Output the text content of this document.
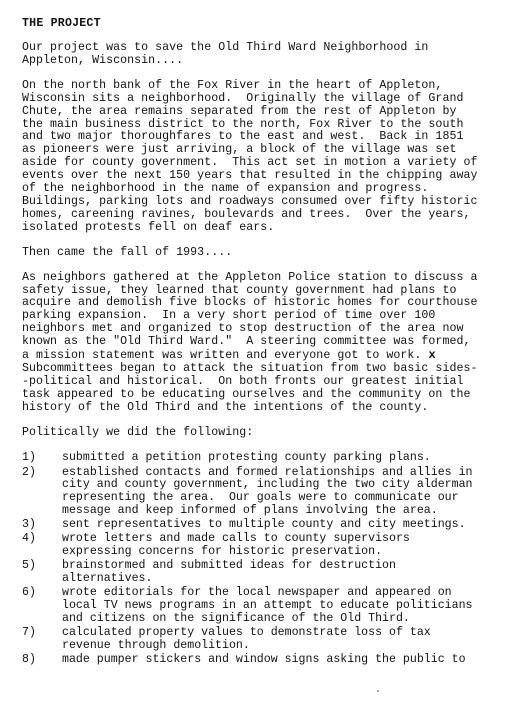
THE PROJECT
Our project was to save the Old Third Ward Neighborhood in
Appleton, Wisconsin....
On the north bank of the Fox River in the heart of Appleton,
Wisconsin sits a neighborhood.  Originally the village of Grand
Chute, the area remains separated from the rest of Appleton by
the main business district to the north, Fox River to the south
and two major thoroughfares to the east and west.  Back in 1851
as pioneers were just arriving, a block of the village was set
aside for county government.  This act set in motion a variety of
events over the next 150 years that resulted in the chipping away
of the neighborhood in the name of expansion and progress.
Buildings, parking lots and roadways consumed over fifty historic
homes, careening ravines, boulevards and trees.  Over the years,
isolated protests fell on deaf ears.
Then came the fall of 1993....
As neighbors gathered at the Appleton Police station to discuss a
safety issue, they learned that county government had plans to
acquire and demolish five blocks of historic homes for courthouse
parking expansion.  In a very short period of time over 100
neighbors met and organized to stop destruction of the area now
known as the "Old Third Ward."  A steering committee was formed,
a mission statement was written and everyone got to work. x
Subcommittees began to attack the situation from two basic sides-
-political and historical.  On both fronts our greatest initial
task appeared to be educating ourselves and the community on the
history of the Old Third and the intentions of the county.
Politically we did the following:
1)	submitted a petition protesting county parking plans.
2)	established contacts and formed relationships and allies in
city and county government, including the two city alderman
representing the area.  Our goals were to communicate our
message and keep informed of plans involving the area.
3)	sent representatives to multiple county and city meetings.
4)	wrote letters and made calls to county supervisors
expressing concerns for historic preservation.
5)	brainstormed and submitted ideas for destruction
alternatives.
6)	wrote editorials for the local newspaper and appeared on
local TV news programs in an attempt to educate politicians
and citizens on the significance of the Old Third.
7)	calculated property values to demonstrate loss of tax
revenue through demolition.
8)	made pumper stickers and window signs asking the public to
